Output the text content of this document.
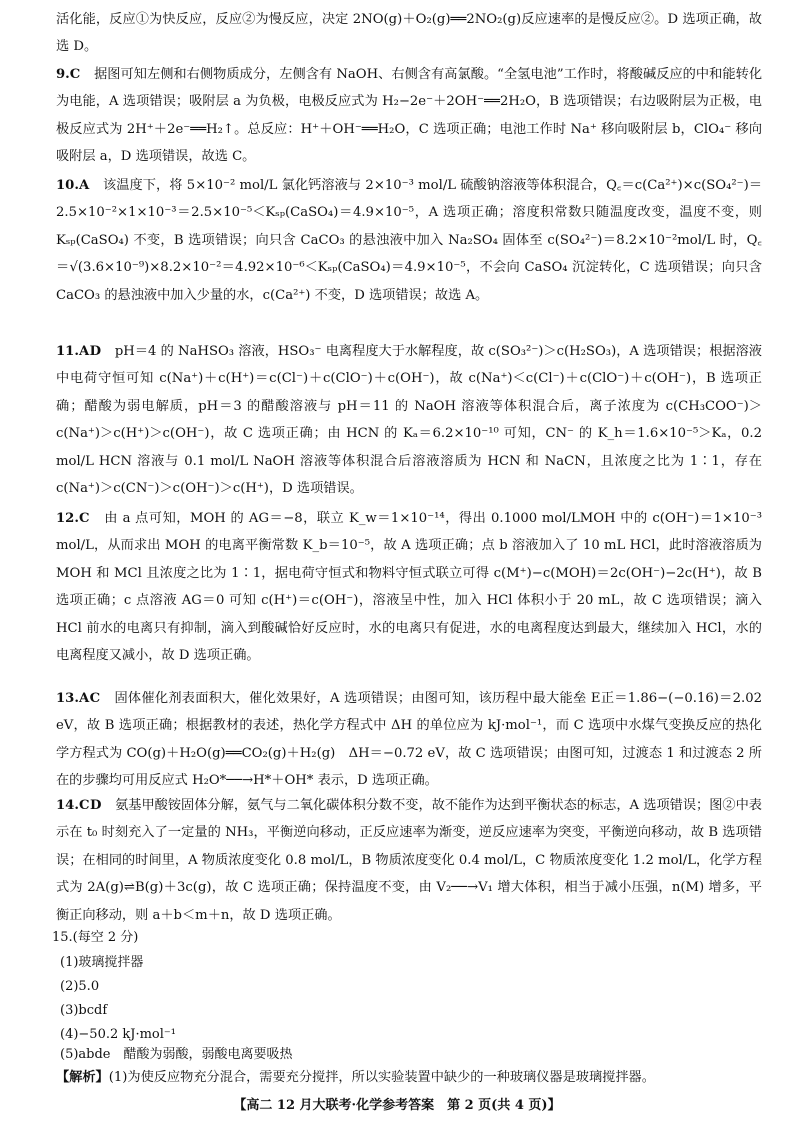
活化能，反应①为快反应，反应②为慢反应，决定 2NO(g)＋O₂(g)══2NO₂(g)反应速率的是慢反应②。D 选项正确，故选 D。

9.C　 据图可知左侧和右侧物质成分，左侧含有 NaOH、右侧含有高氯酸。“全氢电池”工作时，将酸碱反应的中和能转化为电能，A 选项错误；吸附层 a 为负极，电极反应式为 H₂−2e⁻＋2OH⁻══2H₂O，B 选项错误；右边吸附层为正极，电极反应式为 2H⁺＋2e⁻══H₂↑。总反应：H⁺＋OH⁻══H₂O，C 选项正确；电池工作时 Na⁺ 移向吸附层 b，ClO₄⁻ 移向吸附层 a，D 选项错误，故选 C。

10.A　 该温度下，将 5×10⁻² mol/L 氯化钙溶液与 2×10⁻³ mol/L 硫酸钠溶液等体积混合，Q꜀＝c(Ca²⁺)×c(SO₄²⁻)＝2.5×10⁻²×1×10⁻³＝2.5×10⁻⁵＜Kₛₚ(CaSO₄)＝4.9×10⁻⁵，A 选项正确；溶度积常数只随温度改变，温度不变，则 Kₛₚ(CaSO₄) 不变，B 选项错误；向只含 CaCO₃ 的悬浊液中加入 Na₂SO₄ 固体至 c(SO₄²⁻)＝8.2×10⁻²mol/L 时，Q꜀＝√(3.6×10⁻⁹)×8.2×10⁻²＝4.92×10⁻⁶＜Kₛₚ(CaSO₄)＝4.9×10⁻⁵，不会向 CaSO₄ 沉淀转化，C 选项错误；向只含 CaCO₃ 的悬浊液中加入少量的水，c(Ca²⁺) 不变，D 选项错误；故选 A。

11.AD　 pH＝4 的 NaHSO₃ 溶液，HSO₃⁻ 电离程度大于水解程度，故 c(SO₃²⁻)＞c(H₂SO₃)，A 选项错误；根据溶液中电荷守恒可知 c(Na⁺)＋c(H⁺)＝c(Cl⁻)＋c(ClO⁻)＋c(OH⁻)，故 c(Na⁺)＜c(Cl⁻)＋c(ClO⁻)＋c(OH⁻)，B 选项正确；醋酸为弱电解质，pH＝3 的醋酸溶液与 pH＝11 的 NaOH 溶液等体积混合后，离子浓度为 c(CH₃COO⁻)＞c(Na⁺)＞c(H⁺)＞c(OH⁻)，故 C 选项正确；由 HCN 的 Kₐ＝6.2×10⁻¹⁰ 可知，CN⁻ 的 K_h＝1.6×10⁻⁵＞Kₐ，0.2 mol/L HCN 溶液与 0.1 mol/L NaOH 溶液等体积混合后溶液溶质为 HCN 和 NaCN，且浓度之比为 1∶1，存在 c(Na⁺)＞c(CN⁻)＞c(OH⁻)＞c(H⁺)，D 选项错误。

12.C　 由 a 点可知，MOH 的 AG＝−8，联立 K_w＝1×10⁻¹⁴，得出 0.1000 mol/LMOH 中的 c(OH⁻)＝1×10⁻³ mol/L，从而求出 MOH 的电离平衡常数 K_b＝10⁻⁵，故 A 选项正确；点 b 溶液加入了 10 mL HCl，此时溶液溶质为 MOH 和 MCl 且浓度之比为 1∶1，据电荷守恒式和物料守恒式联立可得 c(M⁺)−c(MOH)＝2c(OH⁻)−2c(H⁺)，故 B 选项正确；c 点溶液 AG＝0 可知 c(H⁺)＝c(OH⁻)，溶液呈中性，加入 HCl 体积小于 20 mL，故 C 选项错误；滴入 HCl 前水的电离只有抑制，滴入到酸碱恰好反应时，水的电离只有促进，水的电离程度达到最大，继续加入 HCl，水的电离程度又减小，故 D 选项正确。

13.AC　 固体催化剂表面积大，催化效果好，A 选项错误；由图可知，该历程中最大能垒 E正＝1.86−(−0.16)＝2.02 eV，故 B 选项正确；根据教材的表述，热化学方程式中 ΔH 的单位应为 kJ·mol⁻¹，而 C 选项中水煤气变换反应的热化学方程式为 CO(g)＋H₂O(g)══CO₂(g)＋H₂(g)　ΔH＝−0.72 eV，故 C 选项错误；由图可知，过渡态 1 和过渡态 2 所在的步骤均可用反应式 H₂O*──→H*＋OH* 表示，D 选项正确。

14.CD　 氨基甲酸铵固体分解，氨气与二氧化碳体积分数不变，故不能作为达到平衡状态的标志，A 选项错误；图②中表示在 t₀ 时刻充入了一定量的 NH₃，平衡逆向移动，正反应速率为渐变，逆反应速率为突变，平衡逆向移动，故 B 选项错误；在相同的时间里，A 物质浓度变化 0.8 mol/L，B 物质浓度变化 0.4 mol/L，C 物质浓度变化 1.2 mol/L，化学方程式为 2A(g)⇌B(g)＋3c(g)，故 C 选项正确；保持温度不变，由 V₂──→V₁ 增大体积，相当于减小压强，n(M) 增多，平衡正向移动，则 a＋b＜m＋n，故 D 选项正确。

15.(每空 2 分)
(1)玻璃搅拌器
(2)5.0
(3)bcdf
(4)−50.2 kJ·mol⁻¹
(5)abde　醋酸为弱酸，弱酸电离要吸热
【解析】(1)为使反应物充分混合，需要充分搅拌，所以实验装置中缺少的一种玻璃仪器是玻璃搅拌器。
【高二 12 月大联考·化学参考答案　第 2 页(共 4 页)】
